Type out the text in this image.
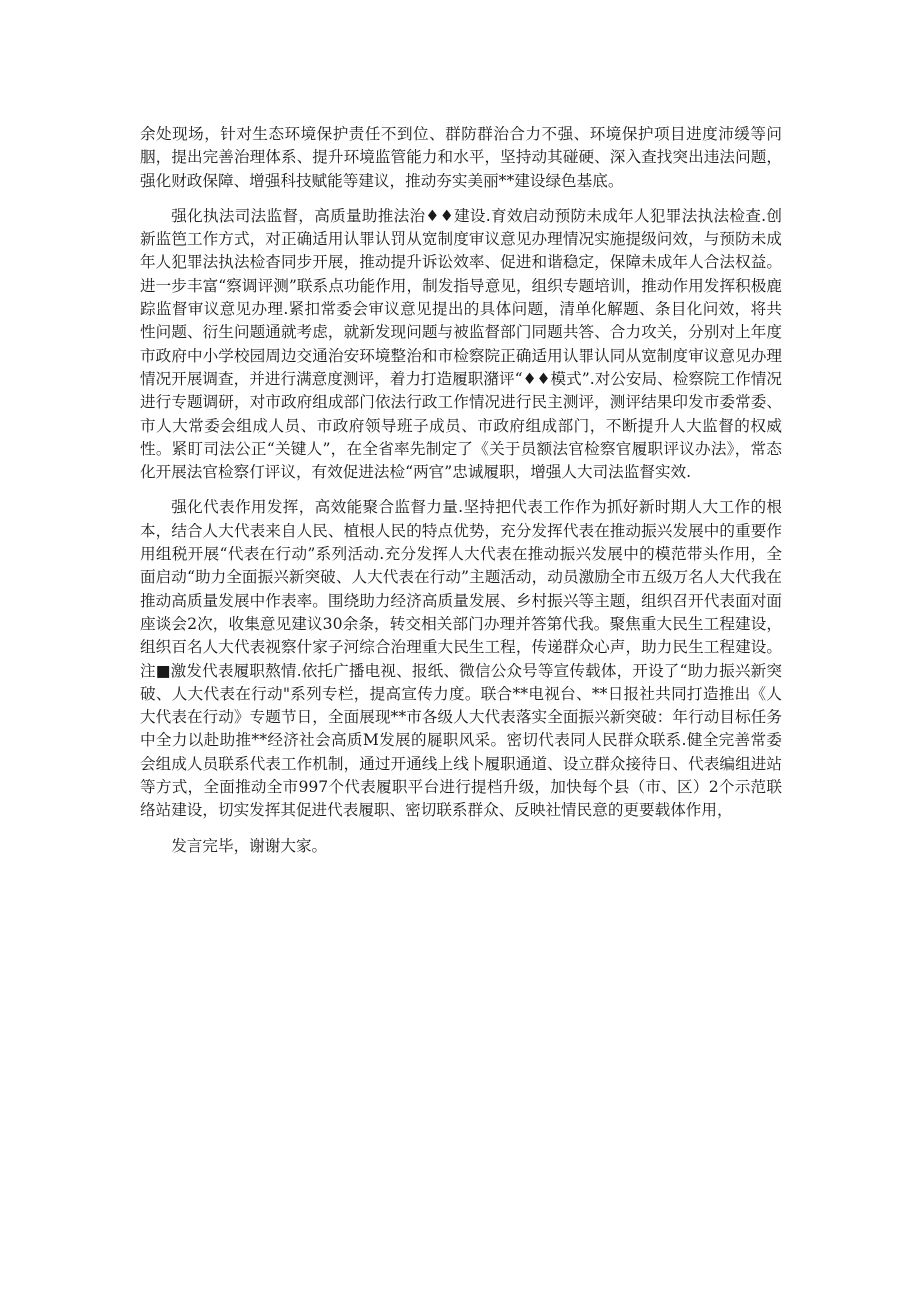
余处现场，针对生态环境保护责任不到位、群防群治合力不强、环境保护项目进度沛缓等问胭，提出完善治理体系、提升环境监管能力和水平，坚持动其碰硬、深入查找突出违法问题，强化财政保障、增强科技赋能等建议，推动夯实美丽**建设绿色基底。

强化执法司法监督，高质量助推法治♦♦建设.育效启动预防未成年人犯罪法执法检查.创新监笆工作方式，对正确适用认罪认罚从宽制度审议意见办理情况实施提级问效，与预防未成年人犯罪法执法检杳同步开展，推动提升诉讼效率、促进和谐稳定，保障未成年人合法权益。进一步丰富“察调评测”联系点功能作用，制发指导意见，组织专题培训，推动作用发挥积极鹿踪监督审议意见办理.紧扣常委会审议意见提出的具体问题，清单化解题、条目化问效，将共性问题、衍生问题通就考虑，就新发现问题与被监督部门同题共答、合力攻关，分别对上年度市政府中小学校园周边交通治安环境整治和市检察院正确适用认罪认同从宽制度审议意见办理情况开展调查，并进行满意度测评，着力打造履职潴评“♦♦模式”.对公安局、检察院工作情况进行专题调研，对市政府组成部门依法行政工作情况进行民主测评，测评结果印发市委常委、市人大常委会组成人员、市政府领导班子成员、市政府组成部门，不断提升人大监督的权威性。紧盯司法公正“关键人”，在全省率先制定了《关于员额法官检察官履职评议办法》，常态化开展法官检察仃评议，有效促进法检“两官”忠诚履职，增强人大司法监督实效.

强化代表作用发挥，高效能聚合监督力量.坚持把代表工作作为抓好新时期人大工作的根本，结合人大代表来自人民、植根人民的特点优势，充分发挥代表在推动振兴发展中的重要作用组税开展“代表在行动”系列活动.充分发挥人大代表在推动振兴发展中的模范带头作用，全面启动“助力全面振兴新突破、人大代表在行动”主题活动，动员激励全市五级万名人大代我在推动高质量发展中作表率。围绕助力经济高质量发展、乡村振兴等主题，组织召开代表面对面座谈会2次，收集意见建议30余条，转交相关部门办理并答第代我。聚焦重大民生工程建设，组织百名人大代表视察什家子河综合治理重大民生工程，传递群众心声，助力民生工程建设。注■激发代表履职熬情.依托广播电视、报纸、微信公众号等宣传载体，开设了“助力振兴新突破、人大代表在行动"系列专栏，提高宣传力度。联合**电视台、**日报社共同打造推出《人大代表在行动》专题节日，全面展现**市各级人大代表落实全面振兴新突破：年行动目标任务中全力以赴助推**经济社会高质M发展的屣职风采。密切代表同人民群众联系.健全完善常委会组成人员联系代表工作机制，通过开通线上线卜履职通道、设立群众接待日、代表编组进站等方式，全面推动全市997个代表履职平台进行提档升级，加快每个县（市、区）2个示范联络站建设，切实发挥其促进代表履职、密切联系群众、反映社情民意的更要载体作用，

发言完毕，谢谢大家。
